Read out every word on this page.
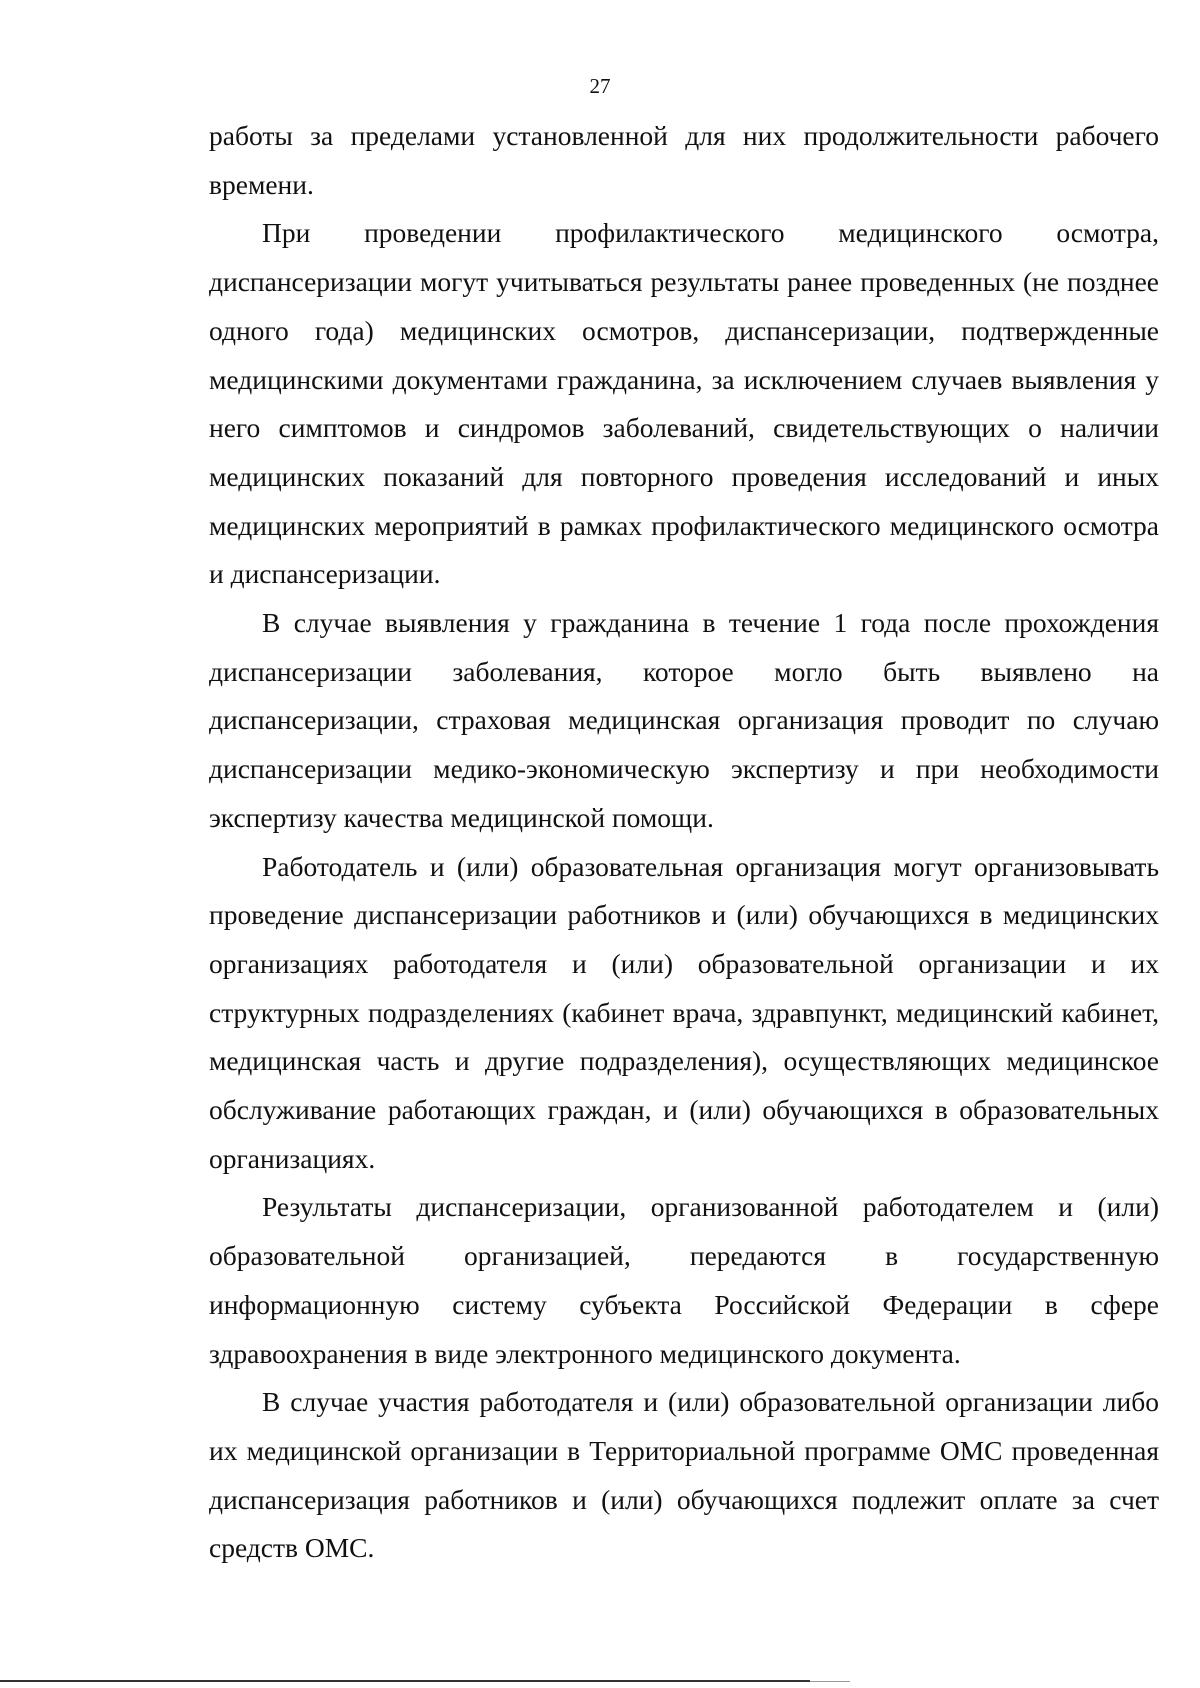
27

работы за пределами установленной для них продолжительности рабочего времени.

При проведении профилактического медицинского осмотра, диспансеризации могут учитываться результаты ранее проведенных (не позднее одного года) медицинских осмотров, диспансеризации, подтвержденные медицинскими документами гражданина, за исключением случаев выявления у него симптомов и синдромов заболеваний, свидетельствующих о наличии медицинских показаний для повторного проведения исследований и иных медицинских мероприятий в рамках профилактического медицинского осмотра и диспансеризации.

В случае выявления у гражданина в течение 1 года после прохождения диспансеризации заболевания, которое могло быть выявлено на диспансеризации, страховая медицинская организация проводит по случаю диспансеризации медико-экономическую экспертизу и при необходимости экспертизу качества медицинской помощи.

Работодатель и (или) образовательная организация могут организовывать проведение диспансеризации работников и (или) обучающихся в медицинских организациях работодателя и (или) образовательной организации и их структурных подразделениях (кабинет врача, здравпункт, медицинский кабинет, медицинская часть и другие подразделения), осуществляющих медицинское обслуживание работающих граждан, и (или) обучающихся в образовательных организациях.

Результаты диспансеризации, организованной работодателем и (или) образовательной организацией, передаются в государственную информационную систему субъекта Российской Федерации в сфере здравоохранения в виде электронного медицинского документа.

В случае участия работодателя и (или) образовательной организации либо их медицинской организации в Территориальной программе ОМС проведенная диспансеризация работников и (или) обучающихся подлежит оплате за счет средств ОМС.
